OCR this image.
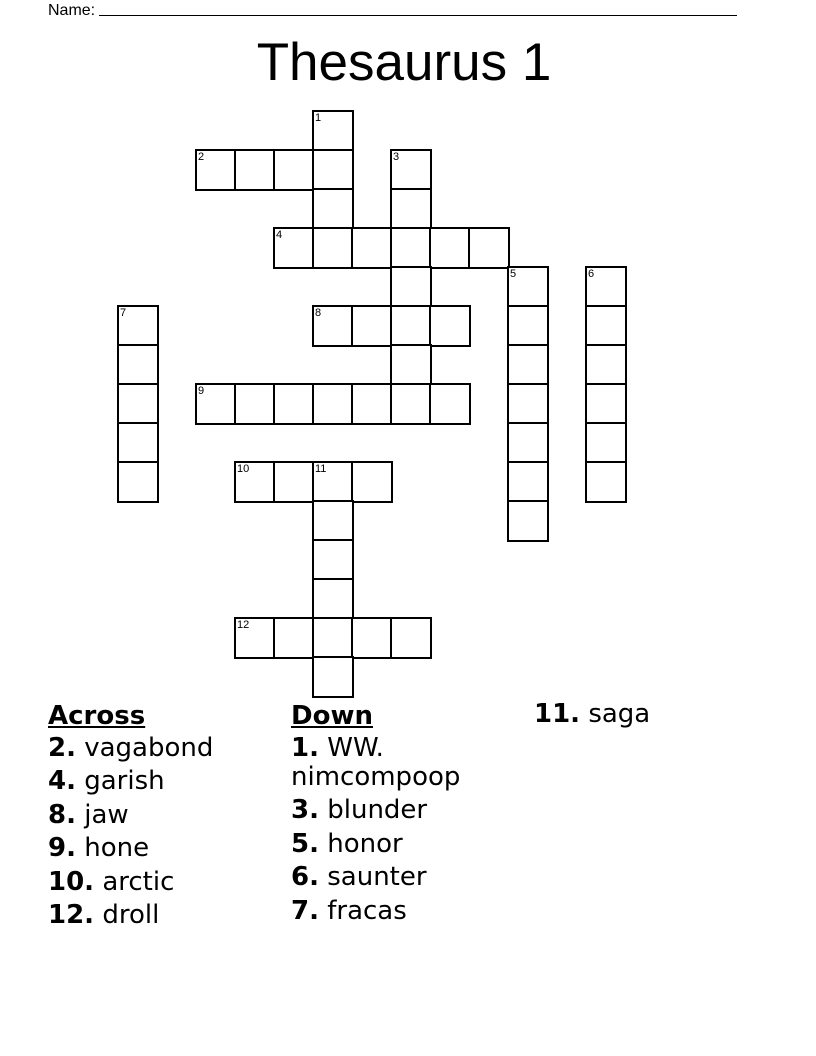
Name:
Thesaurus 1
1
2	3
4
5	6
7	8
9
10	11
12
Across
2. vagabond
4. garish
8. jaw
9. hone
10. arctic
12. droll
Down
1. WW. nimcompoop
3. blunder
5. honor
6. saunter
7. fracas
11. saga
